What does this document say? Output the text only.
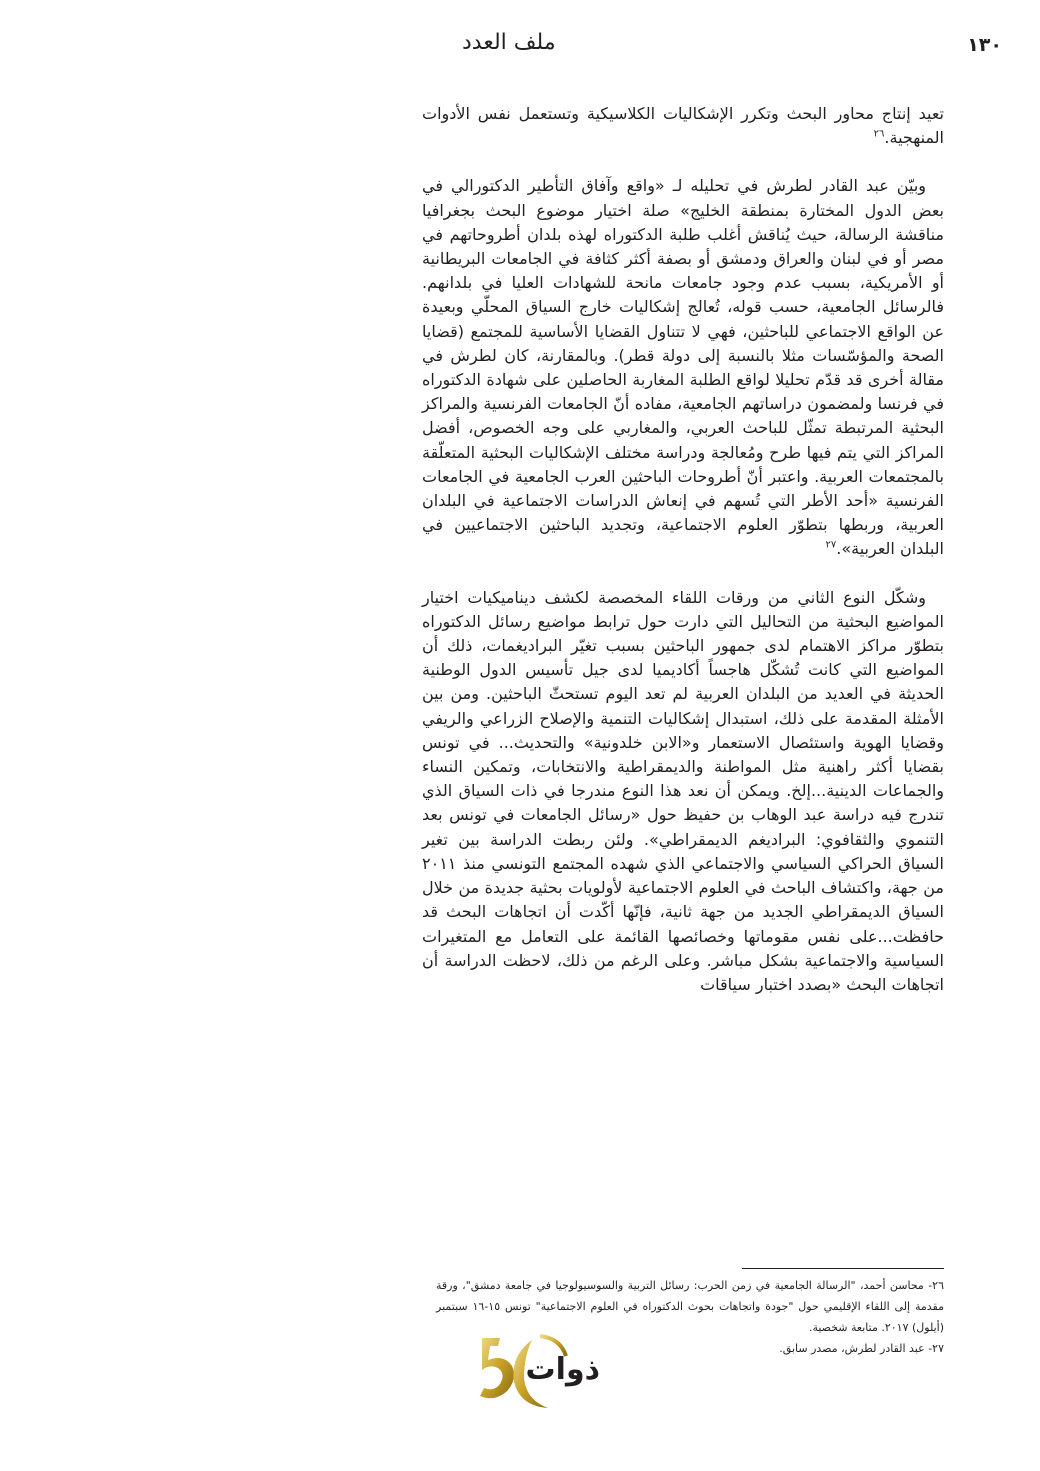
١٣٠
ملف العدد

تعيد إنتاج محاور البحث وتكرر الإشكاليات الكلاسيكية وتستعمل نفس الأدوات المنهجية.$^{٢٦}$

وبيّن عبد القادر لطرش في تحليله لـ «واقع وآفاق التأطير الدكتورالي في بعض الدول المختارة بمنطقة الخليج» صلة اختيار موضوع البحث بجغرافيا مناقشة الرسالة، حيث يُناقش أغلب طلبة الدكتوراه لهذه بلدان أطروحاتهم في مصر أو في لبنان والعراق ودمشق أو بصفة أكثر كثافة في الجامعات البريطانية أو الأمريكية، بسبب عدم وجود جامعات مانحة للشهادات العليا في بلدانهم. فالرسائل الجامعية، حسب قوله، تُعالج إشكاليات خارج السياق المحلّي وبعيدة عن الواقع الاجتماعي للباحثين، فهي لا تتناول القضايا الأساسية للمجتمع (قضايا الصحة والمؤسّسات مثلا بالنسبة إلى دولة قطر). وبالمقارنة، كان لطرش في مقالة أخرى قد قدّم تحليلا لواقع الطلبة المغاربة الحاصلين على شهادة الدكتوراه في فرنسا ولمضمون دراساتهم الجامعية، مفاده أنّ الجامعات الفرنسية والمراكز البحثية المرتبطة تمثّل للباحث العربي، والمغاربي على وجه الخصوص، أفضل المراكز التي يتم فيها طرح ومُعالجة ودراسة مختلف الإشكاليات البحثية المتعلّقة بالمجتمعات العربية. واعتبر أنّ أطروحات الباحثين العرب الجامعية في الجامعات الفرنسية «أحد الأطر التي تُسهم في إنعاش الدراسات الاجتماعية في البلدان العربية، وربطها بتطوّر العلوم الاجتماعية، وتجديد الباحثين الاجتماعيين في البلدان العربية».$^{٢٧}$

وشكّل النوع الثاني من ورقات اللقاء المخصصة لكشف ديناميكيات اختيار المواضيع البحثية من التحاليل التي دارت حول ترابط مواضيع رسائل الدكتوراه بتطوّر مراكز الاهتمام لدى جمهور الباحثين بسبب تغيّر البراديغمات، ذلك أن المواضيع التي كانت تُشكّل هاجساً أكاديميا لدى جيل تأسيس الدول الوطنية الحديثة في العديد من البلدان العربية لم تعد اليوم تستحثّ الباحثين. ومن بين الأمثلة المقدمة على ذلك، استبدال إشكاليات التنمية والإصلاح الزراعي والريفي وقضايا الهوية واستئصال الاستعمار و«الابن خلدونية» والتحديث... في تونس بقضايا أكثر راهنية مثل المواطنة والديمقراطية والانتخابات، وتمكين النساء والجماعات الدينية...إلخ. ويمكن أن نعد هذا النوع مندرجا في ذات السياق الذي تندرج فيه دراسة عبد الوهاب بن حفيظ حول «رسائل الجامعات في تونس بعد التنموي والثقافوي: البراديغم الديمقراطي». ولئن ربطت الدراسة بين تغير السياق الحراكي السياسي والاجتماعي الذي شهده المجتمع التونسي منذ ٢٠١١ من جهة، واكتشاف الباحث في العلوم الاجتماعية لأولويات بحثية جديدة من خلال السياق الديمقراطي الجديد من جهة ثانية، فإنّها أكّدت أن اتجاهات البحث قد حافظت...على نفس مقوماتها وخصائصها القائمة على التعامل مع المتغيرات السياسية والاجتماعية بشكل مباشر. وعلى الرغم من ذلك، لاحظت الدراسة أن اتجاهات البحث «بصدد اختبار سياقات

٢٦- محاسن أحمد، "الرسالة الجامعية في زمن الحرب: رسائل التربية والسوسيولوجيا في جامعة دمشق"، ورقة مقدمة إلى اللقاء الإقليمي حول "جودة واتجاهات بحوث الدكتوراه في العلوم الاجتماعية" تونس ١٥-١٦ سبتمبر (أيلول) ٢٠١٧. متابعة شخصية.

٢٧- عبد القادر لطرش، مصدر سابق.

ذوات
